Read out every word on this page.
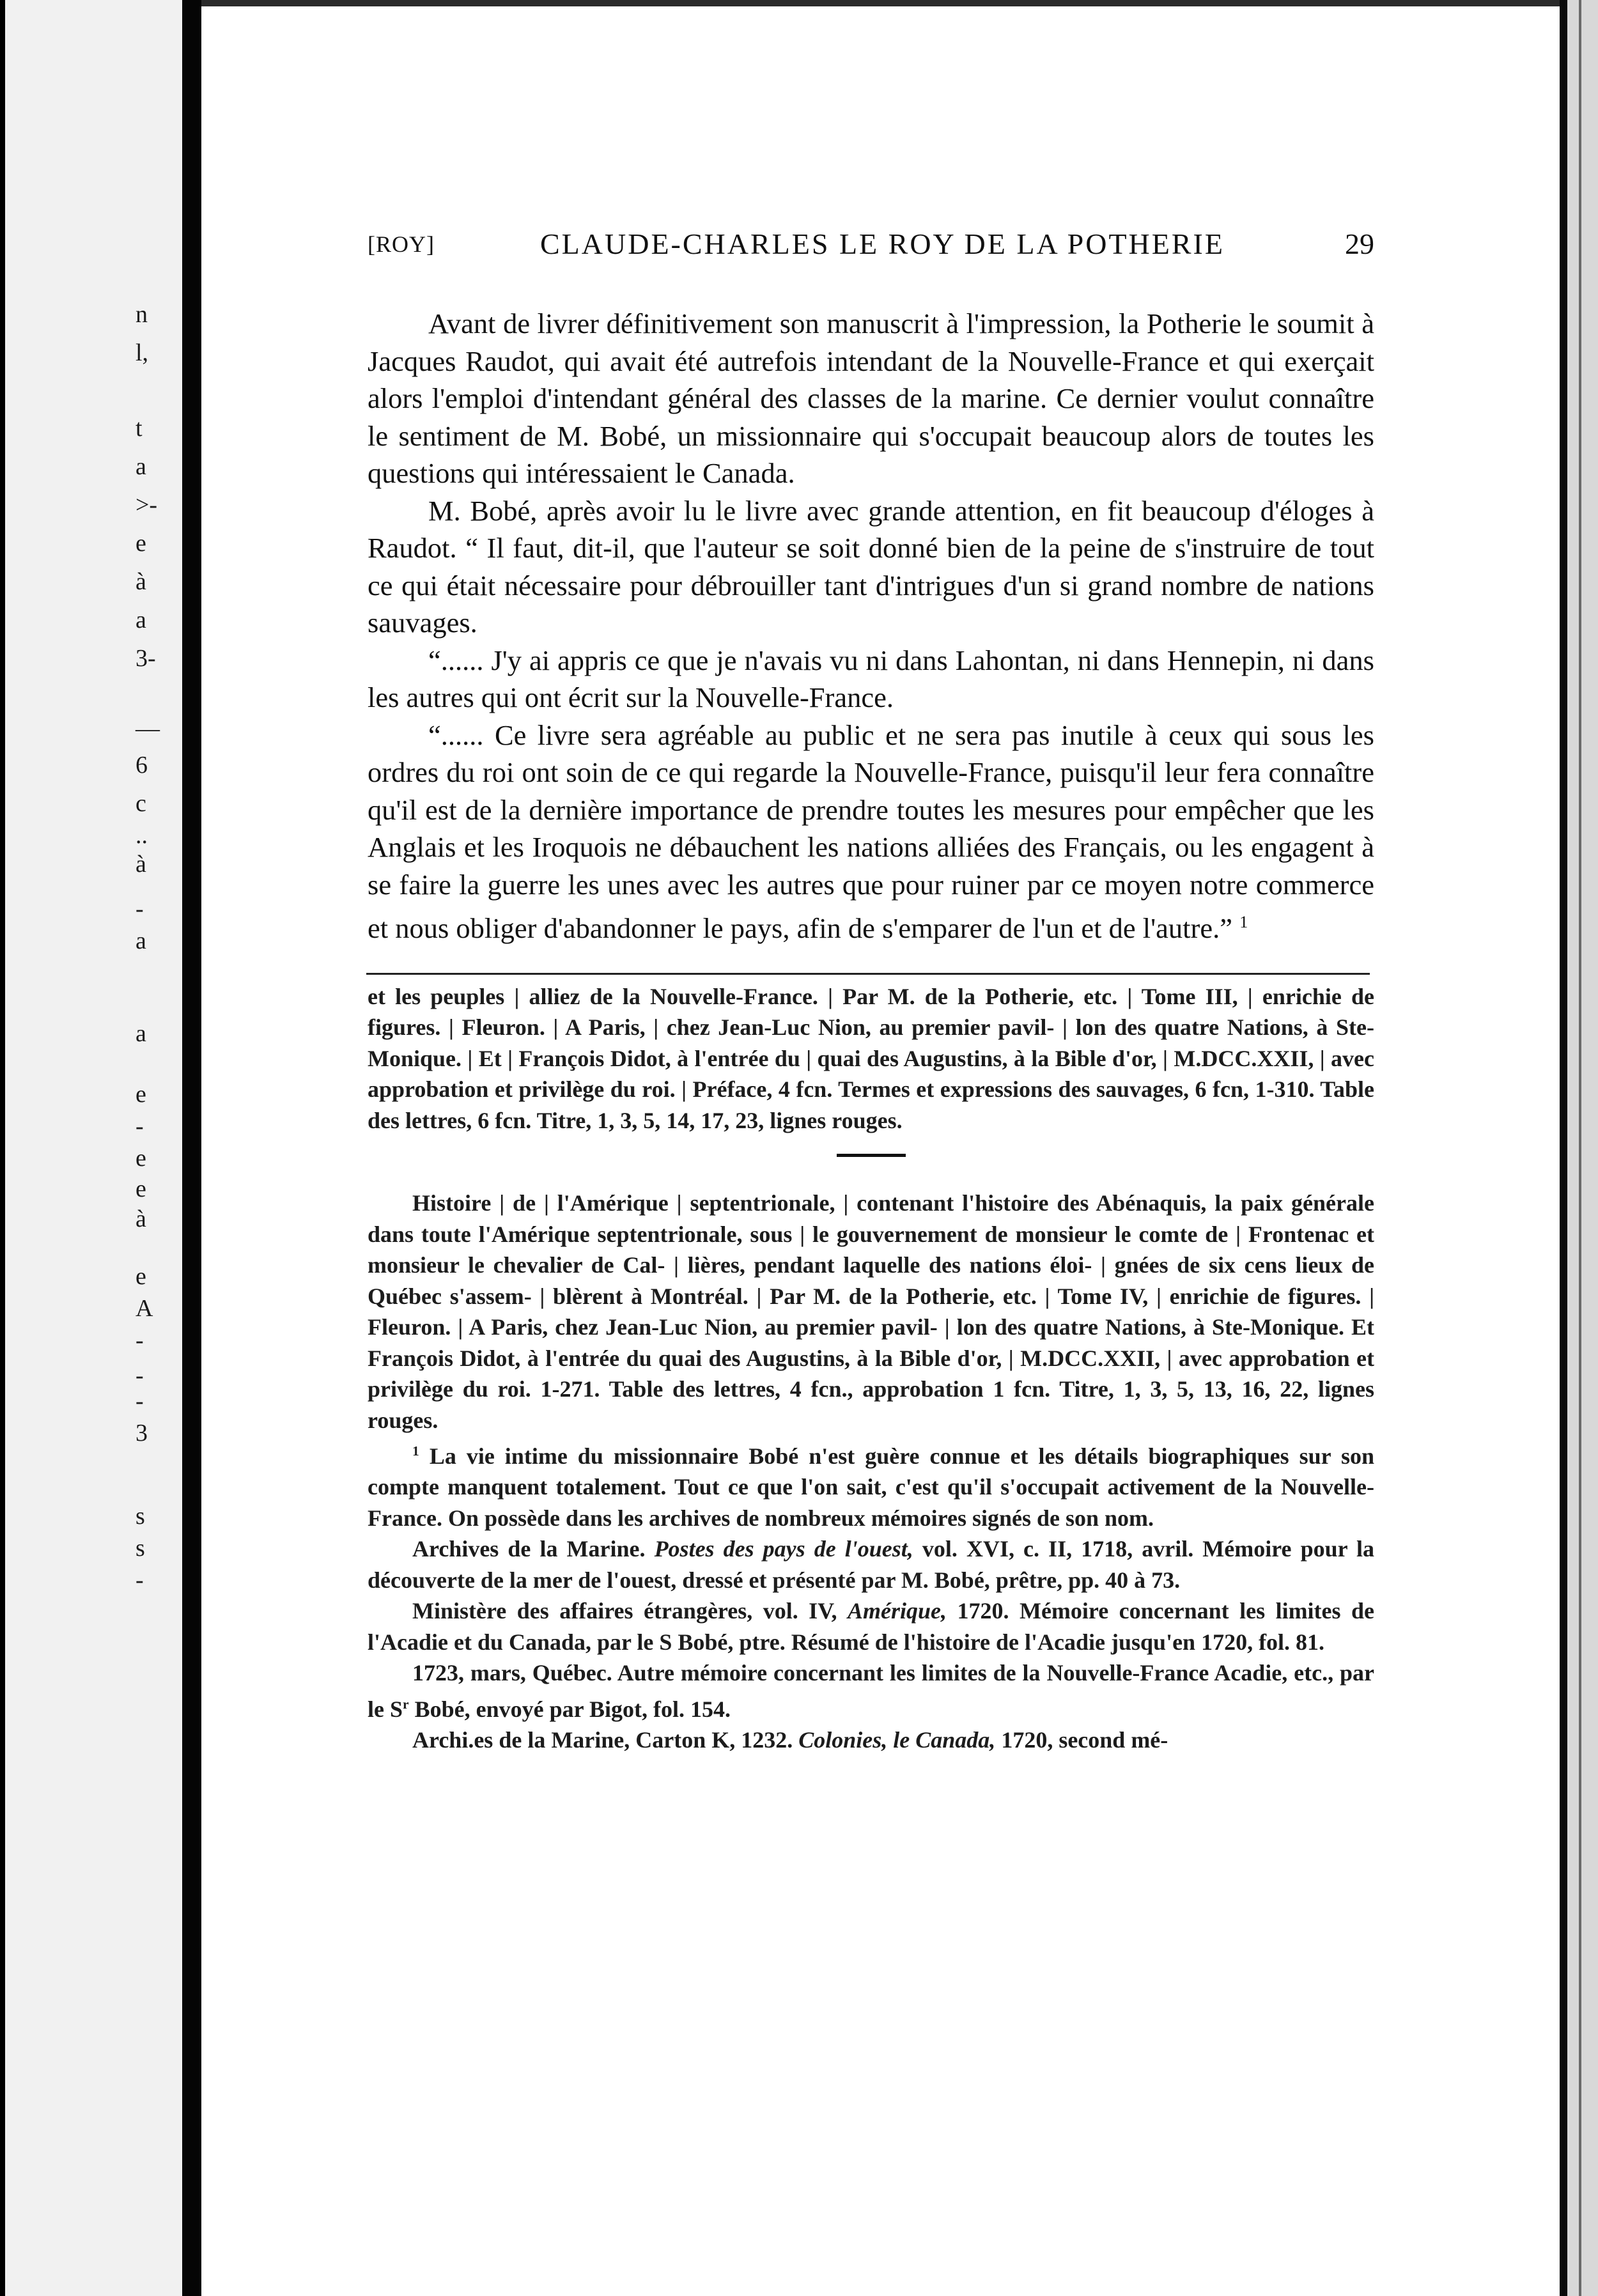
n
l,
t
a
>-
e
à
a
3-
—
6
c
..
à
-
a
a
e
-
e
e
à
e
A
-
-
-
3
s
s
-
[ROY]	CLAUDE-CHARLES LE ROY DE LA POTHERIE	29

Avant de livrer définitivement son manuscrit à l'impression, la Potherie le soumit à Jacques Raudot, qui avait été autrefois intendant de la Nouvelle-France et qui exerçait alors l'emploi d'intendant général des classes de la marine. Ce dernier voulut connaître le sentiment de M. Bobé, un missionnaire qui s'occupait beaucoup alors de toutes les questions qui intéressaient le Canada.

M. Bobé, après avoir lu le livre avec grande attention, en fit beaucoup d'éloges à Raudot. “ Il faut, dit-il, que l'auteur se soit donné bien de la peine de s'instruire de tout ce qui était nécessaire pour débrouiller tant d'intrigues d'un si grand nombre de nations sauvages.

“...... J'y ai appris ce que je n'avais vu ni dans Lahontan, ni dans Hennepin, ni dans les autres qui ont écrit sur la Nouvelle-France.

“...... Ce livre sera agréable au public et ne sera pas inutile à ceux qui sous les ordres du roi ont soin de ce qui regarde la Nouvelle-France, puisqu'il leur fera connaître qu'il est de la dernière importance de prendre toutes les mesures pour empêcher que les Anglais et les Iroquois ne débauchent les nations alliées des Français, ou les engagent à se faire la guerre les unes avec les autres que pour ruiner par ce moyen notre commerce et nous obliger d'abandonner le pays, afin de s'emparer de l'un et de l'autre.” $^1$

et les peuples | alliez de la Nouvelle-France. | Par M. de la Potherie, etc. | Tome III, | enrichie de figures. | Fleuron. | A Paris, | chez Jean-Luc Nion, au premier pavil- | lon des quatre Nations, à Ste-Monique. | Et | François Didot, à l'entrée du | quai des Augustins, à la Bible d'or, | M.DCC.XXII, | avec approbation et privilège du roi. | Préface, 4 fcn. Termes et expressions des sauvages, 6 fcn, 1-310. Table des lettres, 6 fcn. Titre, 1, 3, 5, 14, 17, 23, lignes rouges.

Histoire | de | l'Amérique | septentrionale, | contenant l'histoire des Abénaquis, la paix générale dans toute l'Amérique septentrionale, sous | le gouvernement de monsieur le comte de | Frontenac et monsieur le chevalier de Cal- | lières, pendant laquelle des nations éloi- | gnées de six cens lieux de Québec s'assem- | blèrent à Montréal. | Par M. de la Potherie, etc. | Tome IV, | enrichie de figures. | Fleuron. | A Paris, chez Jean-Luc Nion, au premier pavil- | lon des quatre Nations, à Ste-Monique. Et François Didot, à l'entrée du quai des Augustins, à la Bible d'or, | M.DCC.XXII, | avec approbation et privilège du roi. 1-271. Table des lettres, 4 fcn., approbation 1 fcn. Titre, 1, 3, 5, 13, 16, 22, lignes rouges.

$^1$ La vie intime du missionnaire Bobé n'est guère connue et les détails biographiques sur son compte manquent totalement. Tout ce que l'on sait, c'est qu'il s'occupait activement de la Nouvelle-France. On possède dans les archives de nombreux mémoires signés de son nom.

Archives de la Marine. Postes des pays de l'ouest, vol. XVI, c. II, 1718, avril. Mémoire pour la découverte de la mer de l'ouest, dressé et présenté par M. Bobé, prêtre, pp. 40 à 73.

Ministère des affaires étrangères, vol. IV, Amérique, 1720. Mémoire concernant les limites de l'Acadie et du Canada, par le S Bobé, ptre. Résumé de l'histoire de l'Acadie jusqu'en 1720, fol. 81.

1723, mars, Québec. Autre mémoire concernant les limites de la Nouvelle-France Acadie, etc., par le $S^r$ Bobé, envoyé par Bigot, fol. 154.

Archi.es de la Marine, Carton K, 1232. Colonies, le Canada, 1720, second mé-
